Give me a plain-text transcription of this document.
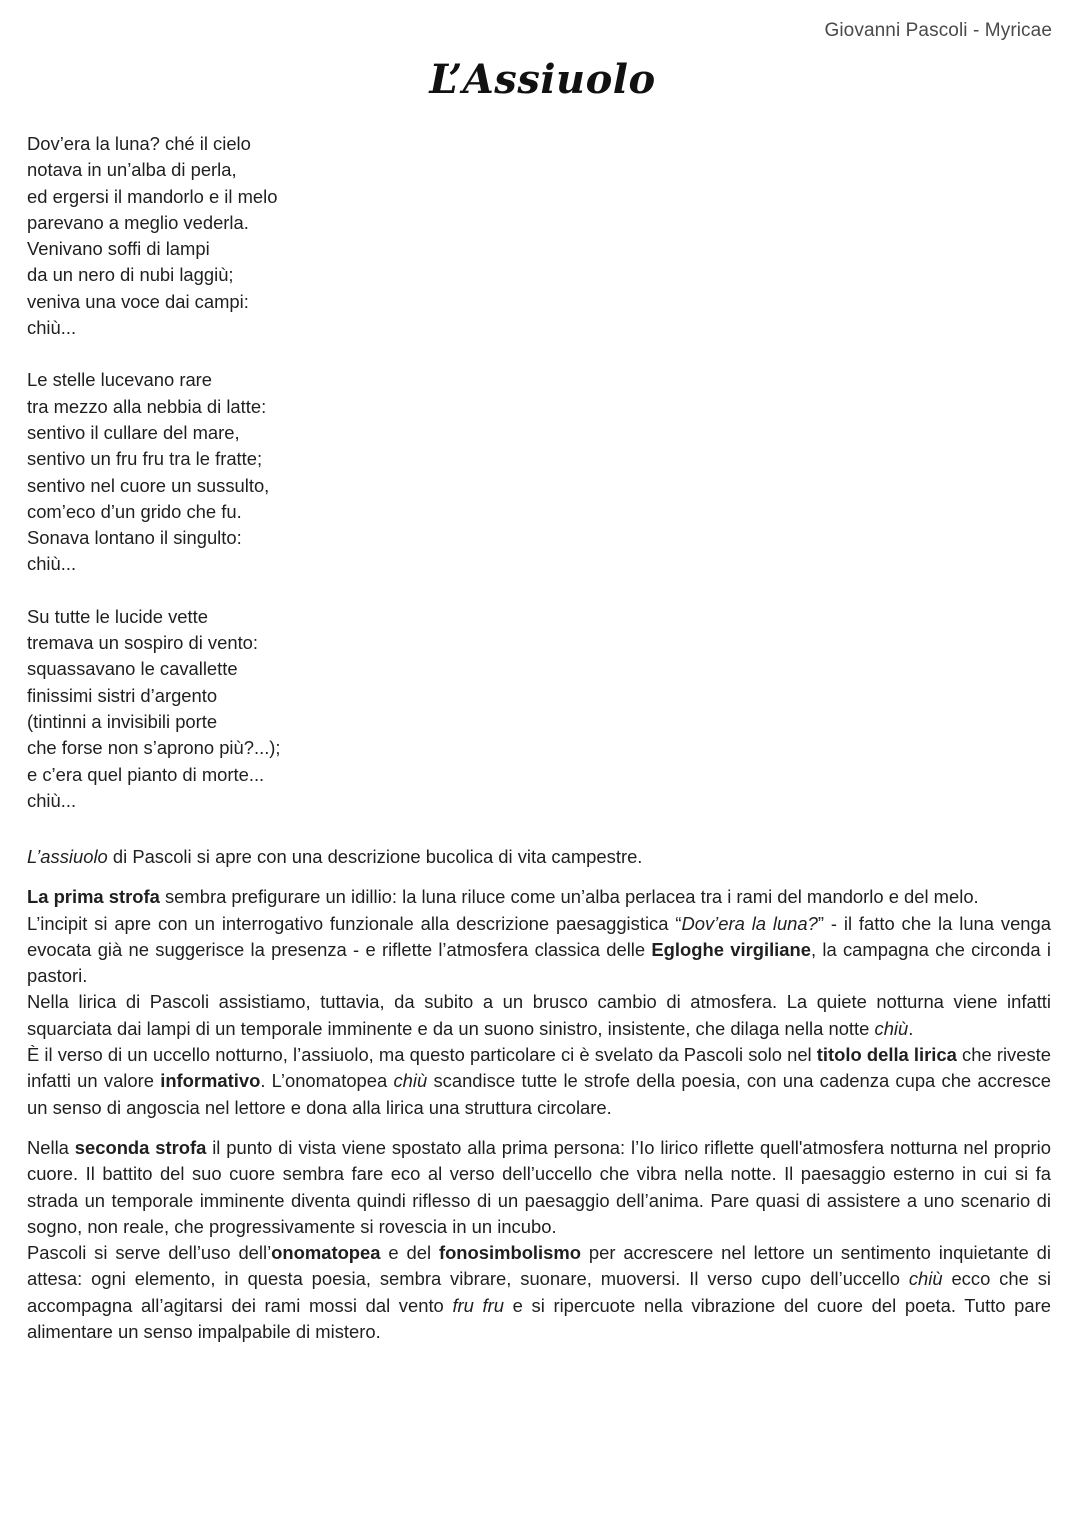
Giovanni Pascoli - Myricae
L’Assiuolo
Dov’era la luna? ché il cielo
notava in un’alba di perla,
ed ergersi il mandorlo e il melo
parevano a meglio vederla.
Venivano soffi di lampi
da un nero di nubi laggiù;
veniva una voce dai campi:
chiù...
Le stelle lucevano rare
tra mezzo alla nebbia di latte:
sentivo il cullare del mare,
sentivo un fru fru tra le fratte;
sentivo nel cuore un sussulto,
com’eco d’un grido che fu.
Sonava lontano il singulto:
chiù...
Su tutte le lucide vette
tremava un sospiro di vento:
squassavano le cavallette
finissimi sistri d’argento
(tintinni a invisibili porte
che forse non s’aprono più?...);
e c’era quel pianto di morte...
chiù...

L’assiuolo di Pascoli si apre con una descrizione bucolica di vita campestre.

La prima strofa sembra prefigurare un idillio: la luna riluce come un’alba perlacea tra i rami del mandorlo e del melo.
L’incipit si apre con un interrogativo funzionale alla descrizione paesaggistica “Dov’era la luna?” - il fatto che la luna venga evocata già ne suggerisce la presenza - e riflette l’atmosfera classica delle Egloghe virgiliane, la campagna che circonda i pastori.
Nella lirica di Pascoli assistiamo, tuttavia, da subito a un brusco cambio di atmosfera. La quiete notturna viene infatti squarciata dai lampi di un temporale imminente e da un suono sinistro, insistente, che dilaga nella notte chiù.
È il verso di un uccello notturno, l’assiuolo, ma questo particolare ci è svelato da Pascoli solo nel titolo della lirica che riveste infatti un valore informativo. L’onomatopea chiù scandisce tutte le strofe della poesia, con una cadenza cupa che accresce un senso di angoscia nel lettore e dona alla lirica una struttura circolare.

Nella seconda strofa il punto di vista viene spostato alla prima persona: l’Io lirico riflette quell'atmosfera notturna nel proprio cuore. Il battito del suo cuore sembra fare eco al verso dell’uccello che vibra nella notte. Il paesaggio esterno in cui si fa strada un temporale imminente diventa quindi riflesso di un paesaggio dell’anima. Pare quasi di assistere a uno scenario di sogno, non reale, che progressivamente si rovescia in un incubo.
Pascoli si serve dell’uso dell’onomatopea e del fonosimbolismo per accrescere nel lettore un sentimento inquietante di attesa: ogni elemento, in questa poesia, sembra vibrare, suonare, muoversi. Il verso cupo dell’uccello chiù ecco che si accompagna all’agitarsi dei rami mossi dal vento fru fru e si ripercuote nella vibrazione del cuore del poeta. Tutto pare alimentare un senso impalpabile di mistero.
